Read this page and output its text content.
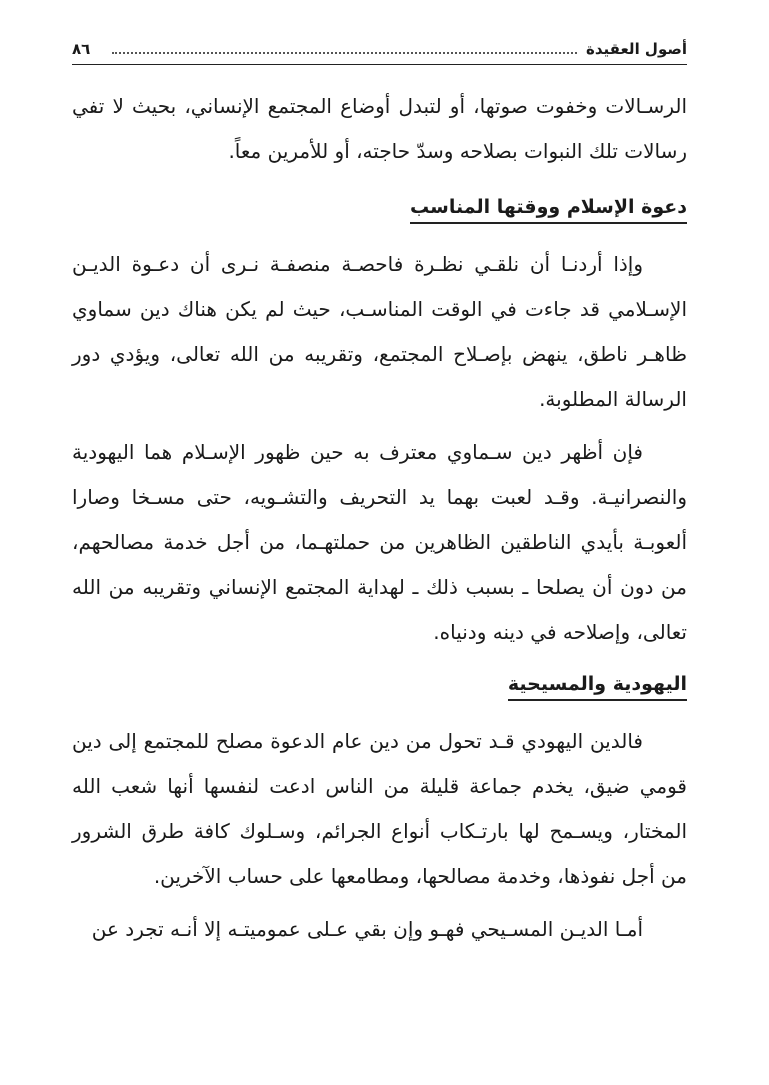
أصول العقيدة
٨٦

الرسـالات وخفوت صوتها، أو لتبدل أوضاع المجتمع الإنساني، بحيث لا تفي رسالات تلك النبوات بصلاحه وسدّ حاجته، أو للأمرين معاً.

دعوة الإسلام ووقتها المناسب

وإذا أردنـا أن نلقـي نظـرة فاحصـة منصفـة نـرى أن دعـوة الديـن الإسـلامي قد جاءت في الوقت المناسـب، حيث لم يكن هناك دين سماوي ظاهـر ناطق، ينهض بإصـلاح المجتمع، وتقريبه من الله تعالى، ويؤدي دور الرسالة المطلوبة.

فإن أظهر دين سـماوي معترف به حين ظهور الإسـلام هما اليهودية والنصرانيـة. وقـد لعبت بهما يد التحريف والتشـويه، حتى مسـخا وصارا ألعوبـة بأيدي الناطقين الظاهرين من حملتهـما، من أجل خدمة مصالحهم، من دون أن يصلحا ـ بسبب ذلك ـ لهداية المجتمع الإنساني وتقريبه من الله تعالى، وإصلاحه في دينه ودنياه.

اليهودية والمسيحية

فالدين اليهودي قـد تحول من دين عام الدعوة مصلح للمجتمع إلى دين قومي ضيق، يخدم جماعة قليلة من الناس ادعت لنفسها أنها شعب الله المختار، ويسـمح لها بارتـكاب أنواع الجرائم، وسـلوك كافة طرق الشرور من أجل نفوذها، وخدمة مصالحها، ومطامعها على حساب الآخرين.

أمـا الديـن المسـيحي فهـو وإن بقي عـلى عموميتـه إلا أنـه تجرد عن
